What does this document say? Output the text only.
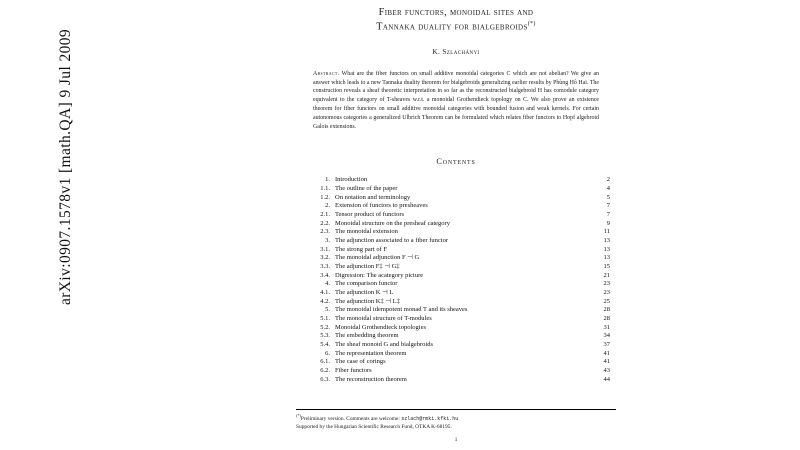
arXiv:0907.1578v1 [math.QA] 9 Jul 2009
Fiber functors, monoidal sites and
Tannaka duality for bialgebroids(*)
K. Szlachányi
Abstract. What are the fiber functors on small additive monoidal categories C which are not abelian? We give an answer which leads to a new Tannaka duality theorem for bialgebroids generalizing earlier results by Phùng Hô Hai. The construction reveals a sheaf theoretic interpretation in so far as the reconstructed bialgebroid H has comodule category equivalent to the category of T-sheaves w.r.t. a monoidal Grothendieck topology on C. We also prove an existence theorem for fiber functors on small additive monoidal categories with bounded fusion and weak kernels. For certain autonomous categories a generalized Ulbrich Theorem can be formulated which relates fiber functors to Hopf algebroid Galois extensions.
Contents
1. Introduction	2
1.1. The outline of the paper	4
1.2. On notation and terminology	5
2. Extension of functors to presheaves	7
2.1. Tensor product of functors	7
2.2. Monoidal structure on the presheaf category	9
2.3. The monoidal extension	11
3. The adjunction associated to a fiber functor	13
3.1. The strong part of F	13
3.2. The monoidal adjunction F ⊣ G	13
3.3. The adjunction F‡ ⊣ G‡	15
3.4. Digression: The acategory picture	21
4. The comparison functor	23
4.1. The adjunction K ⊣ L	23
4.2. The adjunction K‡ ⊣ L‡	25
5. The monoidal idempotent monad T and its sheaves	28
5.1. The monoidal structure of T-modules	28
5.2. Monoidal Grothendieck topologies	31
5.3. The embedding theorem	34
5.4. The sheaf monoid G and bialgebroids	37
6. The representation theorem	41
6.1. The case of corings	41
6.2. Fiber functors	43
6.3. The reconstruction theorem	44
(*)Preliminary version. Comments are welcome: szlach@rmki.kfki.hu
Supported by the Hungarian Scientific Research Fund, OTKA K-68195.
1
